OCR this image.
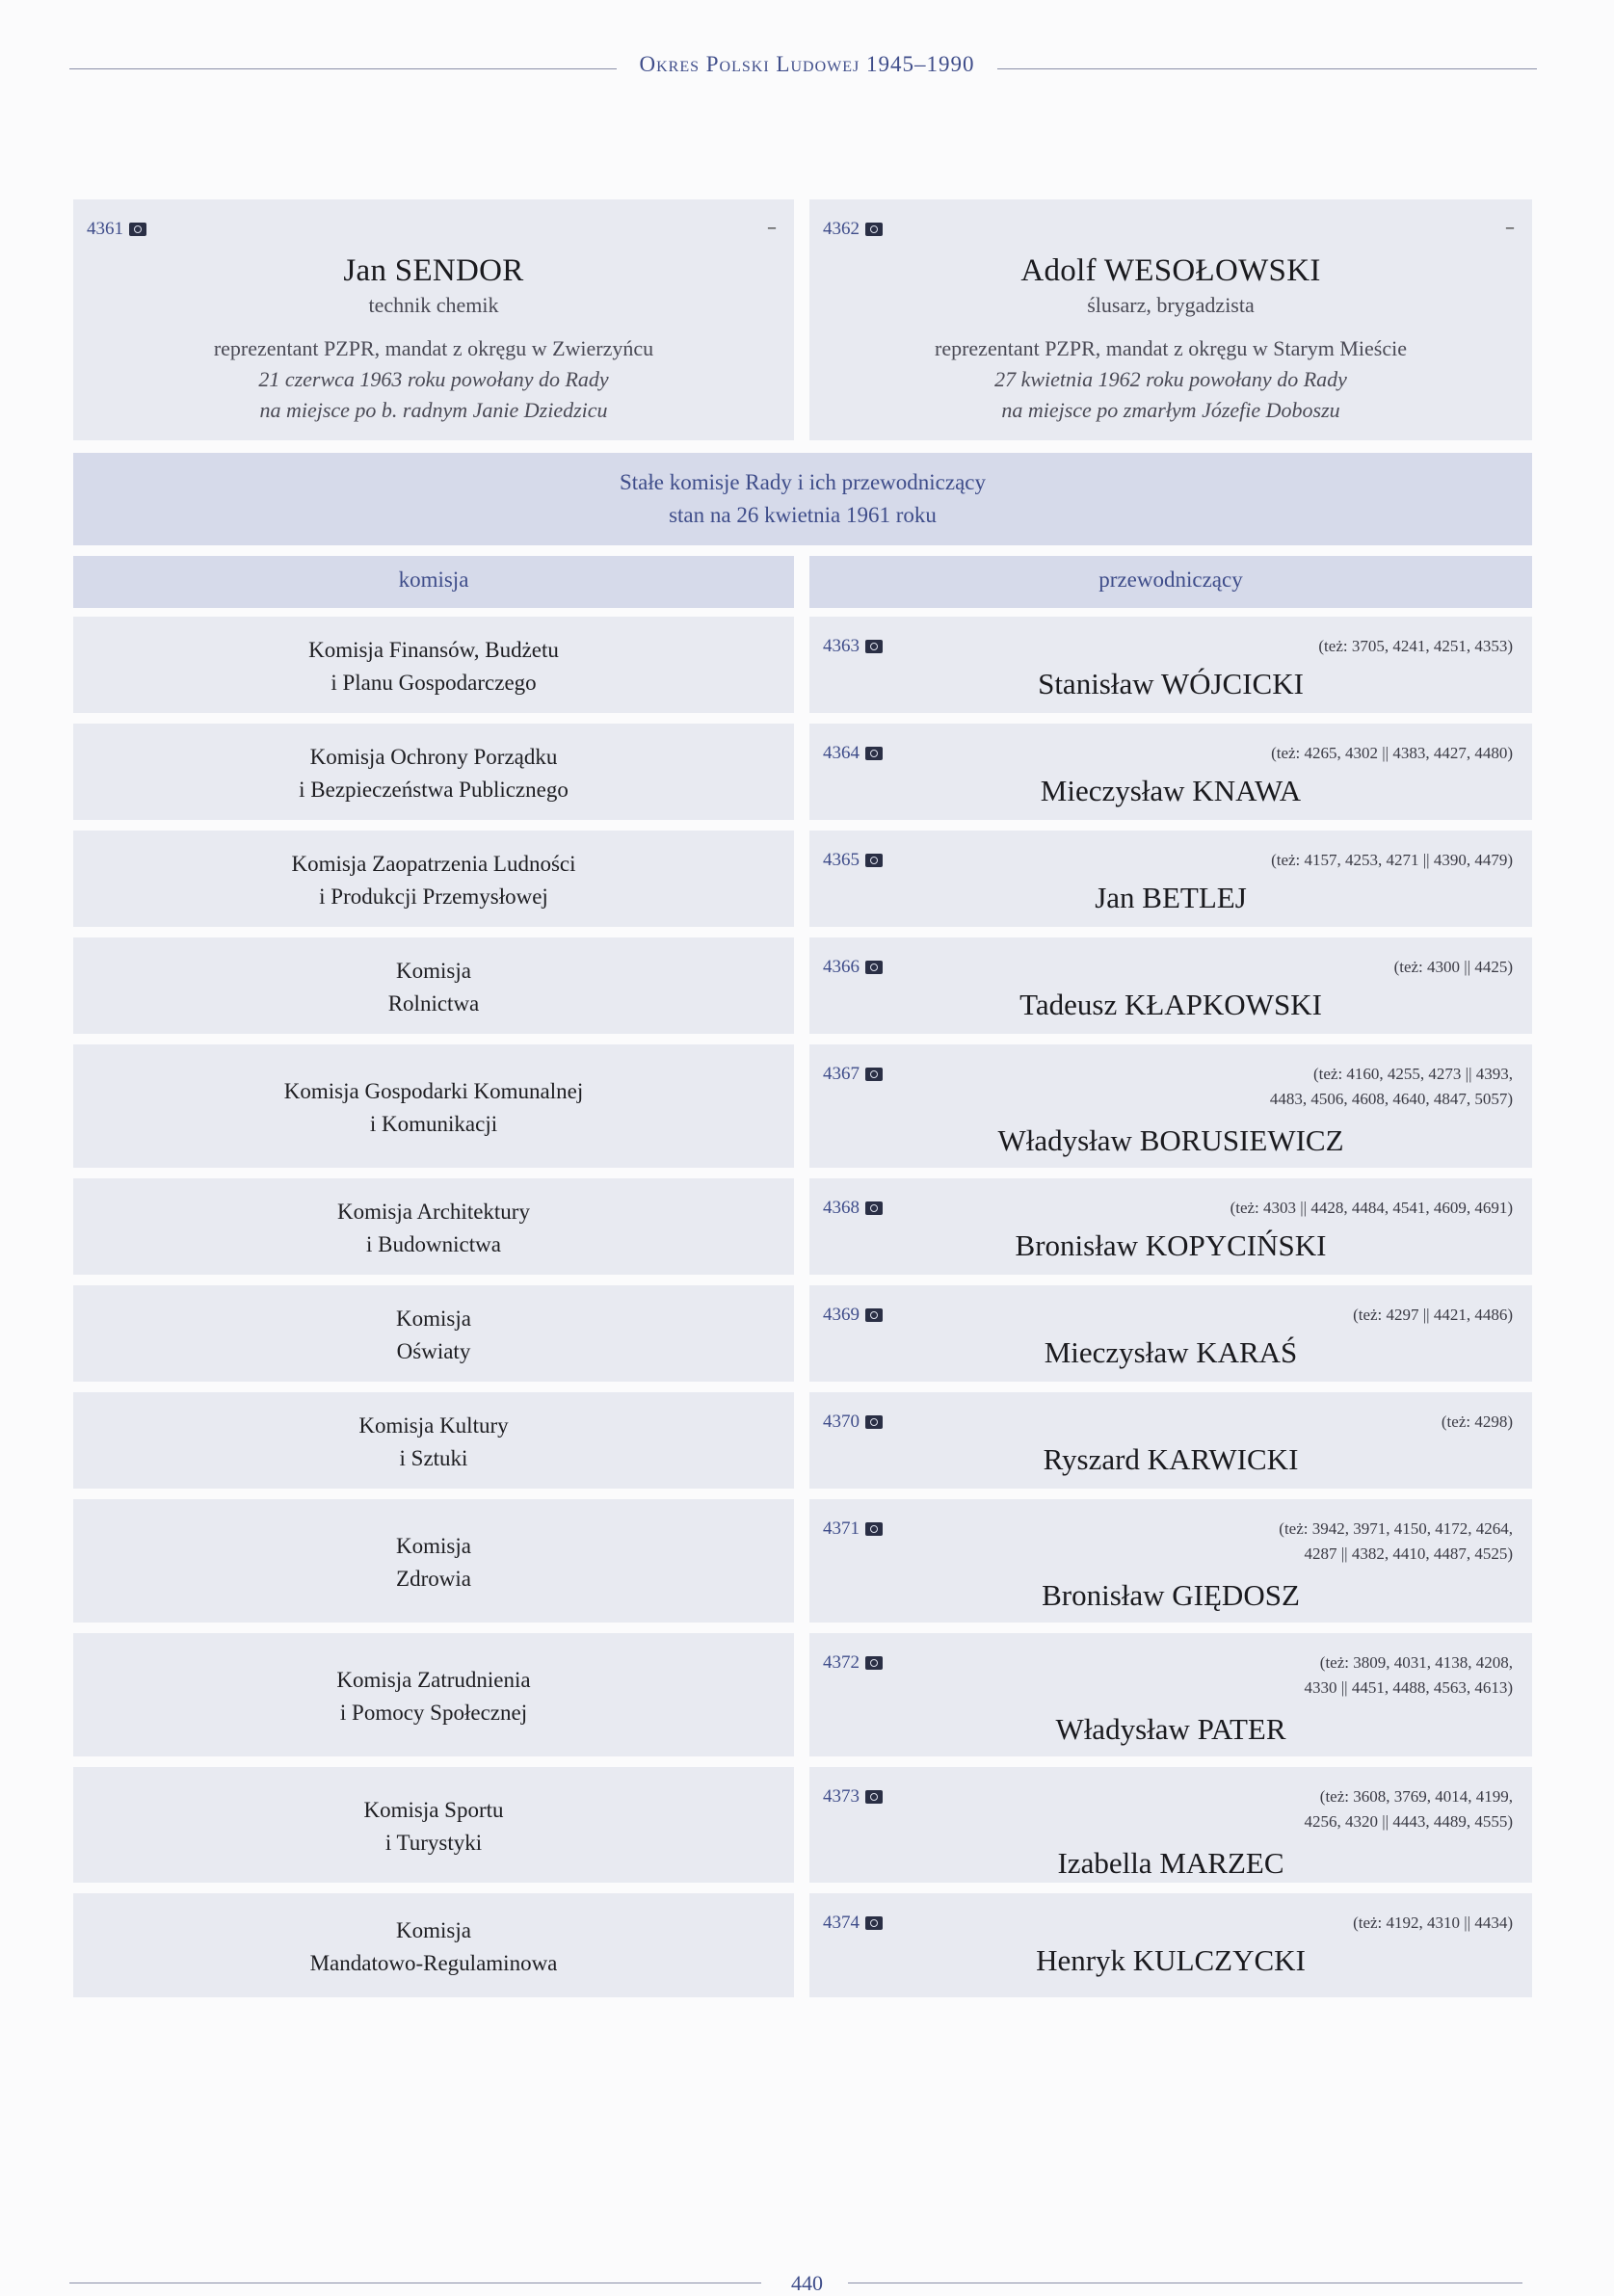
Okres Polski Ludowej 1945–1990
4361	–
Jan SENDOR
technik chemik
reprezentant PZPR, mandat z okręgu w Zwierzyńcu
21 czerwca 1963 roku powołany do Rady
na miejsce po b. radnym Janie Dziedzicu
4362	–
Adolf WESOŁOWSKI
ślusarz, brygadzista
reprezentant PZPR, mandat z okręgu w Starym Mieście
27 kwietnia 1962 roku powołany do Rady
na miejsce po zmarłym Józefie Doboszu
Stałe komisje Rady i ich przewodniczący
stan na 26 kwietnia 1961 roku
komisja	przewodniczący
Komisja Finansów, Budżetu
i Planu Gospodarczego
4363	(też: 3705, 4241, 4251, 4353)
Stanisław WÓJCICKI
Komisja Ochrony Porządku
i Bezpieczeństwa Publicznego
4364	(też: 4265, 4302 || 4383, 4427, 4480)
Mieczysław KNAWA
Komisja Zaopatrzenia Ludności
i Produkcji Przemysłowej
4365	(też: 4157, 4253, 4271 || 4390, 4479)
Jan BETLEJ
Komisja
Rolnictwa
4366	(też: 4300 || 4425)
Tadeusz KŁAPKOWSKI
Komisja Gospodarki Komunalnej
i Komunikacji
4367	(też: 4160, 4255, 4273 || 4393,
4483, 4506, 4608, 4640, 4847, 5057)
Władysław BORUSIEWICZ
Komisja Architektury
i Budownictwa
4368	(też: 4303 || 4428, 4484, 4541, 4609, 4691)
Bronisław KOPYCIŃSKI
Komisja
Oświaty
4369	(też: 4297 || 4421, 4486)
Mieczysław KARAŚ
Komisja Kultury
i Sztuki
4370	(też: 4298)
Ryszard KARWICKI
Komisja
Zdrowia
4371	(też: 3942, 3971, 4150, 4172, 4264,
4287 || 4382, 4410, 4487, 4525)
Bronisław GIĘDOSZ
Komisja Zatrudnienia
i Pomocy Społecznej
4372	(też: 3809, 4031, 4138, 4208,
4330 || 4451, 4488, 4563, 4613)
Władysław PATER
Komisja Sportu
i Turystyki
4373	(też: 3608, 3769, 4014, 4199,
4256, 4320 || 4443, 4489, 4555)
Izabella MARZEC
Komisja
Mandatowo-Regulaminowa
4374	(też: 4192, 4310 || 4434)
Henryk KULCZYCKI
440
